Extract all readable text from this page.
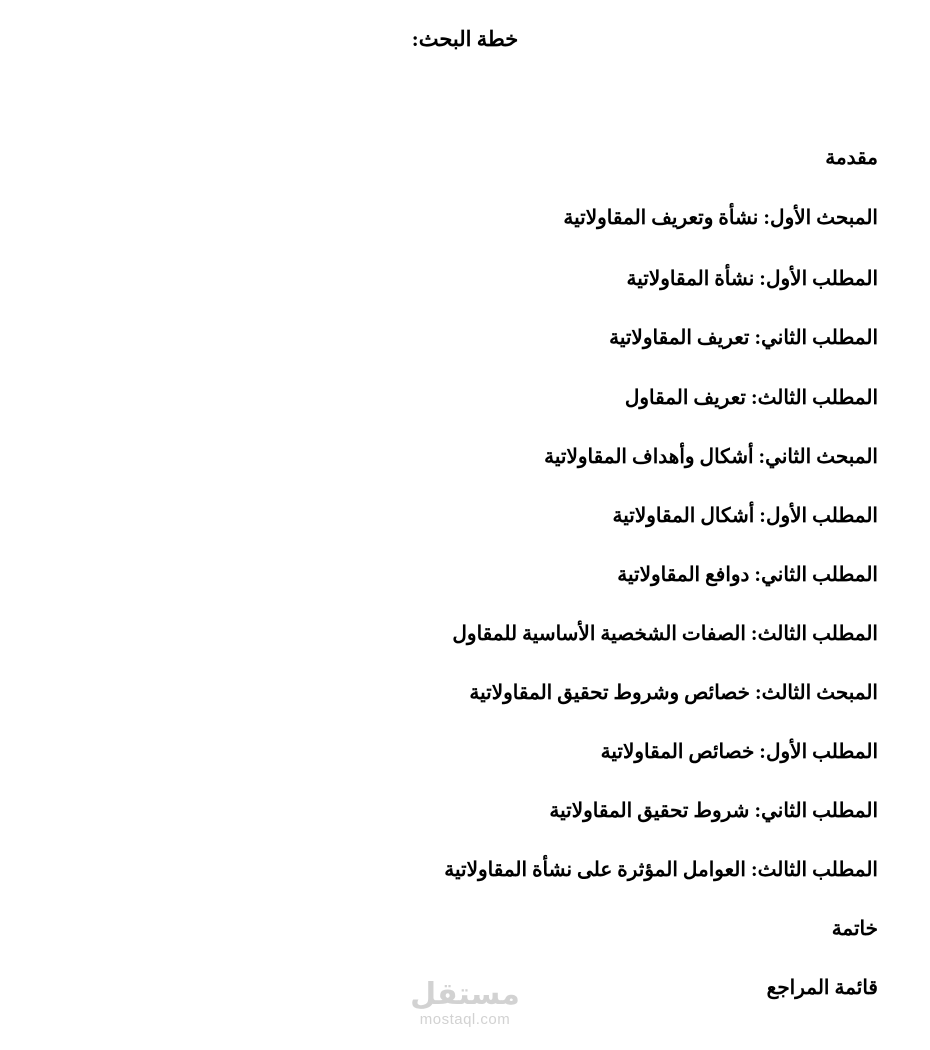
خطة البحث:
مقدمة
المبحث الأول: نشأة وتعريف المقاولاتية
المطلب الأول: نشأة المقاولاتية
المطلب الثاني: تعريف المقاولاتية
المطلب الثالث: تعريف المقاول
المبحث الثاني: أشكال وأهداف المقاولاتية
المطلب الأول: أشكال المقاولاتية
المطلب الثاني: دوافع المقاولاتية
المطلب الثالث: الصفات الشخصية الأساسية للمقاول
المبحث الثالث: خصائص وشروط تحقيق المقاولاتية
المطلب الأول: خصائص المقاولاتية
المطلب الثاني: شروط تحقيق المقاولاتية
المطلب الثالث: العوامل المؤثرة على نشأة المقاولاتية
خاتمة
قائمة المراجع
مستقل
mostaql.com
